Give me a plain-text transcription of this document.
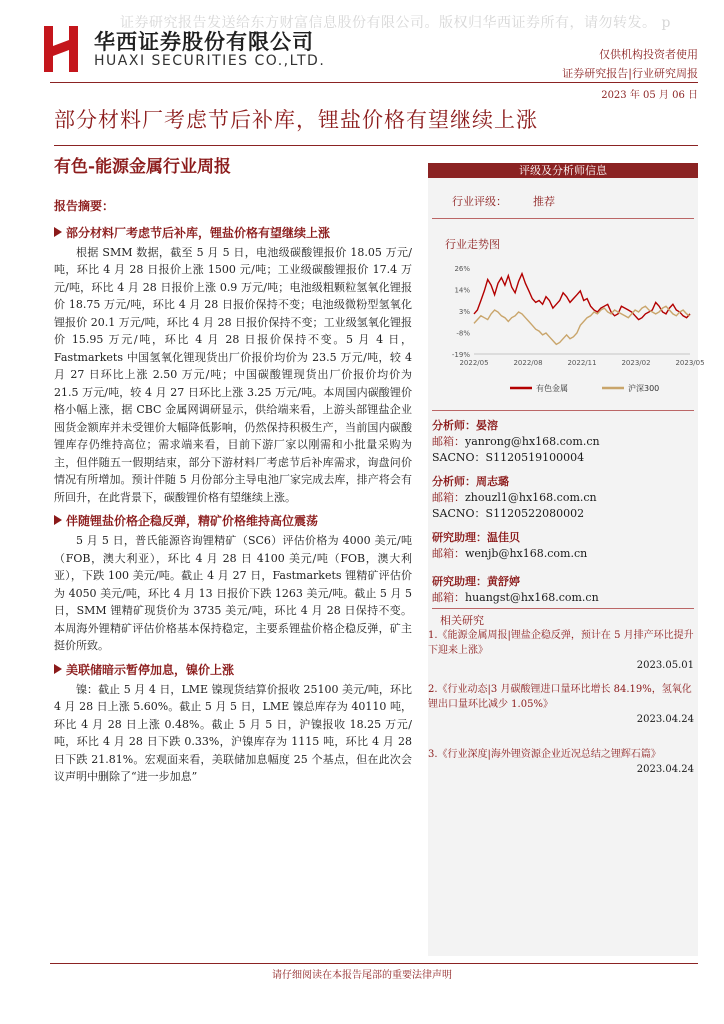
证券研究报告发送给东方财富信息股份有限公司。版权归华西证券所有，请勿转发。 p
华西证券股份有限公司
HUAXI SECURITIES CO.,LTD.	仅供机构投资者使用
证券研究报告|行业研究周报
2023 年 05 月 06 日
部分材料厂考虑节后补库，锂盐价格有望继续上涨
有色-能源金属行业周报
报告摘要：
部分材料厂考虑节后补库，锂盐价格有望继续上涨

根据 SMM 数据，截至 5 月 5 日，电池级碳酸锂报价 18.05 万元/吨，环比 4 月 28 日报价上涨 1500 元/吨；工业级碳酸锂报价 17.4 万元/吨，环比 4 月 28 日报价上涨 0.9 万元/吨；电池级粗颗粒氢氧化锂报价 18.75 万元/吨，环比 4 月 28 日报价保持不变；电池级微粉型氢氧化锂报价 20.1 万元/吨，环比 4 月 28 日报价保持不变；工业级氢氧化锂报价 15.95 万元/吨，环比 4 月 28 日报价保持不变。5 月 4 日，Fastmarkets 中国氢氧化锂现货出厂价报价均价为 23.5 万元/吨，较 4 月 27 日环比上涨 2.50 万元/吨；中国碳酸锂现货出厂价报价均价为 21.5 万元/吨，较 4 月 27 日环比上涨 3.25 万元/吨。本周国内碳酸锂价格小幅上涨，据 CBC 金属网调研显示，供给端来看，上游头部锂盐企业囤货金额库并未受锂价大幅降低影响，仍然保持积极生产，当前国内碳酸锂库存仍维持高位；需求端来看，目前下游厂家以刚需和小批量采购为主，但伴随五一假期结束，部分下游材料厂考虑节后补库需求，询盘问价情况有所增加。预计伴随 5 月份部分主导电池厂家完成去库，排产将会有所回升，在此背景下，碳酸锂价格有望继续上涨。

伴随锂盐价格企稳反弹，精矿价格维持高位震荡

5 月 5 日，普氏能源咨询锂精矿（SC6）评估价格为 4000 美元/吨（FOB，澳大利亚），环比 4 月 28 日 4100 美元/吨（FOB，澳大利亚），下跌 100 美元/吨。截止 4 月 27 日，Fastmarkets 锂精矿评估价为 4050 美元/吨，环比 4 月 13 日报价下跌 1263 美元/吨。截止 5 月 5 日，SMM 锂精矿现货价为 3735 美元/吨，环比 4 月 28 日保持不变。本周海外锂精矿评估价格基本保持稳定，主要系锂盐价格企稳反弹，矿主挺价所致。

美联储暗示暂停加息，镍价上涨

镍：截止 5 月 4 日，LME 镍现货结算价报收 25100 美元/吨，环比 4 月 28 日上涨 5.60%。截止 5 月 5 日，LME 镍总库存为 40110 吨，环比 4 月 28 日上涨 0.48%。截止 5 月 5 日，沪镍报收 18.25 万元/吨，环比 4 月 28 日下跌 0.33%，沪镍库存为 1115 吨，环比 4 月 28 日下跌 21.81%。宏观面来看，美联储加息幅度 25 个基点，但在此次会议声明中删除了“进一步加息”

评级及分析师信息
行业评级： 推荐
行业走势图
26%
14%
3%
-8%
-19%
2022/05	2022/08	2022/11	2023/02	2023/05
有色金属	沪深300
分析师：晏溶
邮箱：yanrong@hx168.com.cn
SACNO：S1120519100004
分析师：周志璐
邮箱：zhouzl1@hx168.com.cn
SACNO：S1120522080002
研究助理：温佳贝
邮箱：wenjb@hx168.com.cn
研究助理：黄舒婷
邮箱：huangst@hx168.com.cn
相关研究
1.《能源金属周报|锂盐企稳反弹，预计在 5 月排产环比提升下迎来上涨》
2023.05.01
2.《行业动态|3 月碳酸锂进口量环比增长 84.19%，氢氧化锂出口量环比减少 1.05%》
2023.04.24
3.《行业深度|海外锂资源企业近况总结之锂辉石篇》
2023.04.24
请仔细阅读在本报告尾部的重要法律声明
